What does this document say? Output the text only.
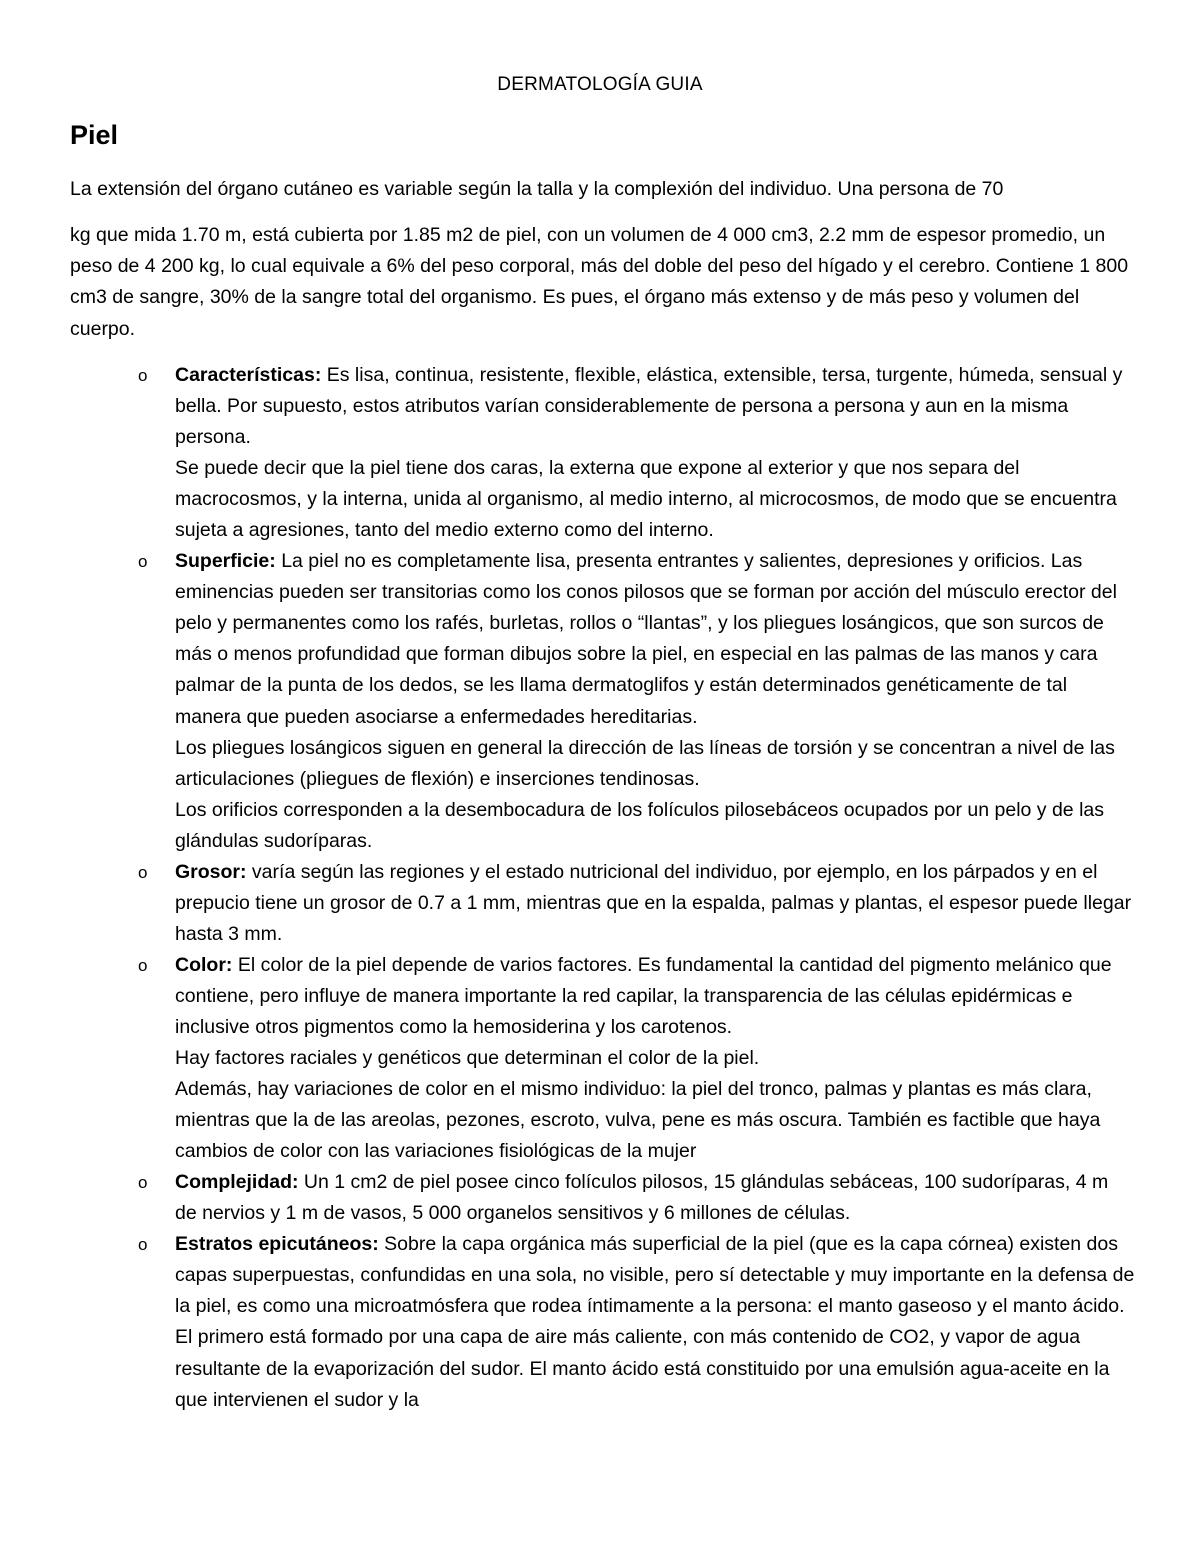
DERMATOLOGÍA GUIA
Piel
La extensión del órgano cutáneo es variable según la talla y la complexión del individuo. Una persona de 70
kg que mida 1.70 m, está cubierta por 1.85 m2 de piel, con un volumen de 4 000 cm3, 2.2 mm de espesor promedio, un peso de 4 200 kg, lo cual equivale a 6% del peso corporal, más del doble del peso del hígado y el cerebro. Contiene 1 800 cm3 de sangre, 30% de la sangre total del organismo. Es pues, el órgano más extenso y de más peso y volumen del cuerpo.
o Características: Es lisa, continua, resistente, flexible, elástica, extensible, tersa, turgente, húmeda, sensual y bella. Por supuesto, estos atributos varían considerablemente de persona a persona y aun en la misma persona.
Se puede decir que la piel tiene dos caras, la externa que expone al exterior y que nos separa del macrocosmos, y la interna, unida al organismo, al medio interno, al microcosmos, de modo que se encuentra sujeta a agresiones, tanto del medio externo como del interno.
o Superficie: La piel no es completamente lisa, presenta entrantes y salientes, depresiones y orificios. Las eminencias pueden ser transitorias como los conos pilosos que se forman por acción del músculo erector del pelo y permanentes como los rafés, burletas, rollos o “llantas”, y los pliegues losángicos, que son surcos de más o menos profundidad que forman dibujos sobre la piel, en especial en las palmas de las manos y cara palmar de la punta de los dedos, se les llama dermatoglifos y están determinados genéticamente de tal manera que pueden asociarse a enfermedades hereditarias.
Los pliegues losángicos siguen en general la dirección de las líneas de torsión y se concentran a nivel de las articulaciones (pliegues de flexión) e inserciones tendinosas.
Los orificios corresponden a la desembocadura de los folículos pilosebáceos ocupados por un pelo y de las glándulas sudoríparas.
o Grosor: varía según las regiones y el estado nutricional del individuo, por ejemplo, en los párpados y en el prepucio tiene un grosor de 0.7 a 1 mm, mientras que en la espalda, palmas y plantas, el espesor puede llegar hasta 3 mm.
o Color: El color de la piel depende de varios factores. Es fundamental la cantidad del pigmento melánico que contiene, pero influye de manera importante la red capilar, la transparencia de las células epidérmicas e inclusive otros pigmentos como la hemosiderina y los carotenos.
Hay factores raciales y genéticos que determinan el color de la piel.
Además, hay variaciones de color en el mismo individuo: la piel del tronco, palmas y plantas es más clara, mientras que la de las areolas, pezones, escroto, vulva, pene es más oscura. También es factible que haya cambios de color con las variaciones fisiológicas de la mujer
o Complejidad: Un 1 cm2 de piel posee cinco folículos pilosos, 15 glándulas sebáceas, 100 sudoríparas, 4 m de nervios y 1 m de vasos, 5 000 organelos sensitivos y 6 millones de células.
o Estratos epicutáneos: Sobre la capa orgánica más superficial de la piel (que es la capa córnea) existen dos capas superpuestas, confundidas en una sola, no visible, pero sí detectable y muy importante en la defensa de la piel, es como una microatmósfera que rodea íntimamente a la persona: el manto gaseoso y el manto ácido. El primero está formado por una capa de aire más caliente, con más contenido de CO2, y vapor de agua resultante de la evaporización del sudor. El manto ácido está constituido por una emulsión agua-aceite en la que intervienen el sudor y la
